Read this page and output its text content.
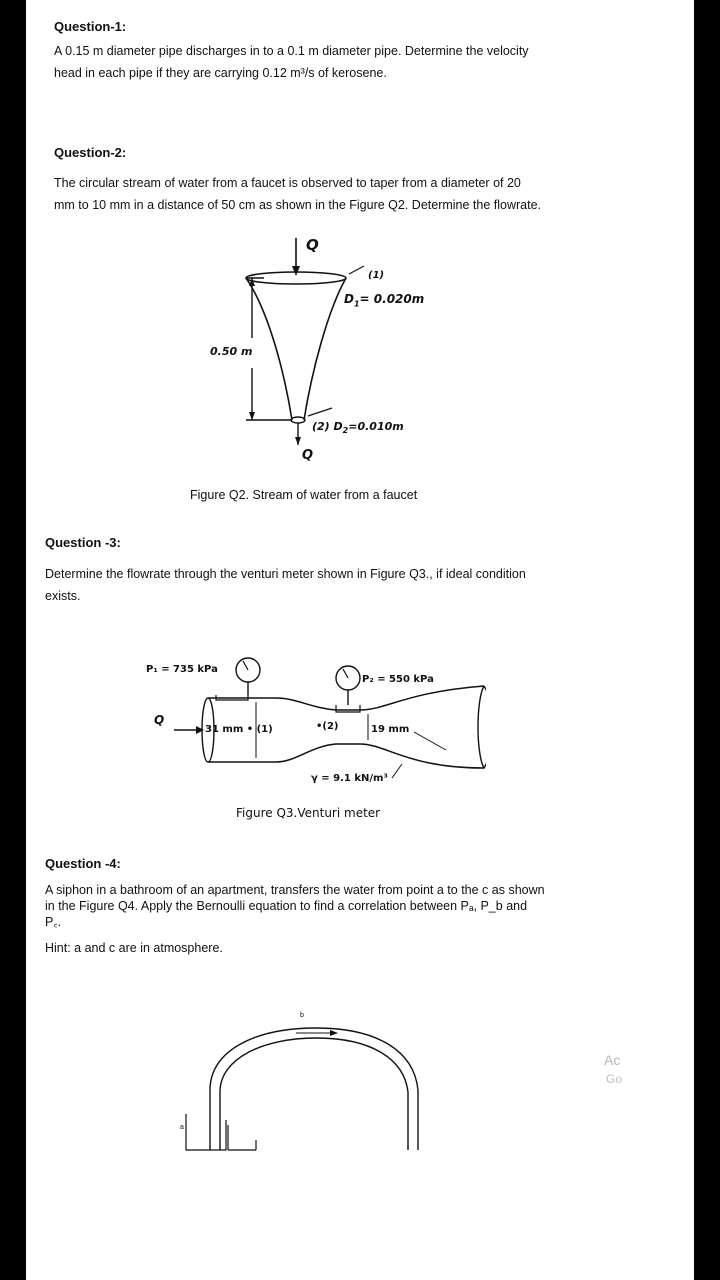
Question-1:
A 0.15 m diameter pipe discharges in to a 0.1 m diameter pipe. Determine the velocity
head in each pipe if they are carrying 0.12 m³/s of kerosene.
Question-2:
The circular stream of water from a faucet is observed to taper from a diameter of 20
mm to 10 mm in a distance of 50 cm as shown in the Figure Q2. Determine the flowrate.
Q
(1)
$D_1= 0.020m$
0.50 m
(2) $D_2=0.010m$
Q
Figure Q2. Stream of water from a faucet
Question -3:
Determine the flowrate through the venturi meter shown in Figure Q3., if ideal condition
exists.
P₁ = 735 kPa
P₂ = 550 kPa
Q
31 mm • (1)	•(2)	19 mm
γ = 9.1 kN/m³
Figure Q3.Venturi meter
Question -4:
A siphon in a bathroom of an apartment, transfers the water from point a to the c as shown
in the Figure Q4. Apply the Bernoulli equation to find a correlation between Pₐ, P_b and
P꜀.
Hint: a and c are in atmosphere.
b
a
Ac
Go
